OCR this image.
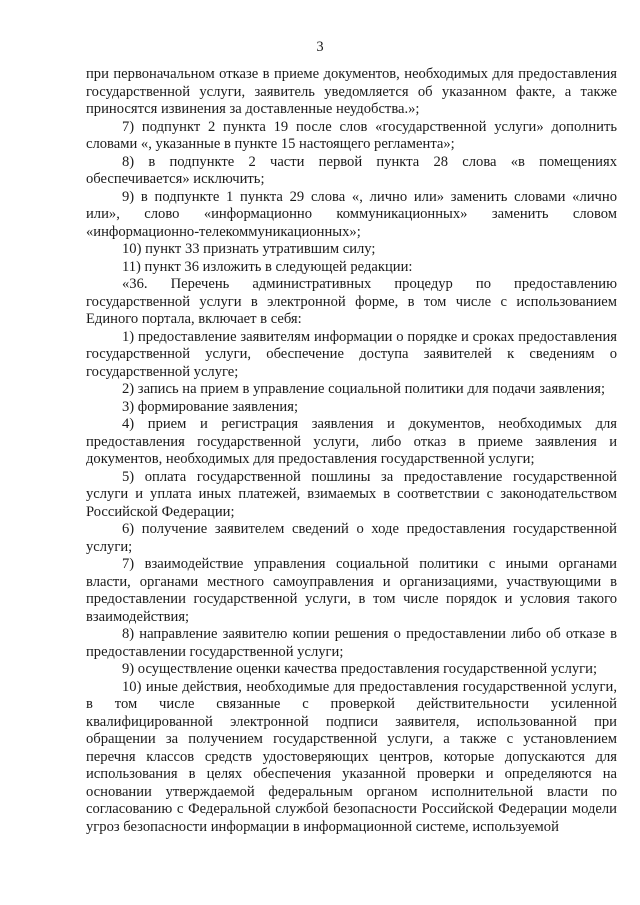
3

при первоначальном отказе в приеме документов, необходимых для предоставления государственной услуги, заявитель уведомляется об указанном факте, а также приносятся извинения за доставленные неудобства.»;

7) подпункт 2 пункта 19 после слов «государственной услуги» дополнить словами «, указанные в пункте 15 настоящего регламента»;

8) в подпункте 2 части первой пункта 28 слова «в помещениях обеспечивается» исключить;

9) в подпункте 1 пункта 29 слова «, лично или» заменить словами «лично или», слово «информационно коммуникационных» заменить словом «информационно-телекоммуникационных»;

10) пункт 33 признать утратившим силу;

11) пункт 36 изложить в следующей редакции:

«36. Перечень административных процедур по предоставлению государственной услуги в электронной форме, в том числе с использованием Единого портала, включает в себя:

1) предоставление заявителям информации о порядке и сроках предоставления государственной услуги, обеспечение доступа заявителей к сведениям о государственной услуге;

2) запись на прием в управление социальной политики для подачи заявления;

3) формирование заявления;

4) прием и регистрация заявления и документов, необходимых для предоставления государственной услуги, либо отказ в приеме заявления и документов, необходимых для предоставления государственной услуги;

5) оплата государственной пошлины за предоставление государственной услуги и уплата иных платежей, взимаемых в соответствии с законодательством Российской Федерации;

6) получение заявителем сведений о ходе предоставления государственной услуги;

7) взаимодействие управления социальной политики с иными органами власти, органами местного самоуправления и организациями, участвующими в предоставлении государственной услуги, в том числе порядок и условия такого взаимодействия;

8) направление заявителю копии решения о предоставлении либо об отказе в предоставлении государственной услуги;

9) осуществление оценки качества предоставления государственной услуги;

10) иные действия, необходимые для предоставления государственной услуги, в том числе связанные с проверкой действительности усиленной квалифицированной электронной подписи заявителя, использованной при обращении за получением государственной услуги, а также с установлением перечня классов средств удостоверяющих центров, которые допускаются для использования в целях обеспечения указанной проверки и определяются на основании утверждаемой федеральным органом исполнительной власти по согласованию с Федеральной службой безопасности Российской Федерации модели угроз безопасности информации в информационной системе, используемой
